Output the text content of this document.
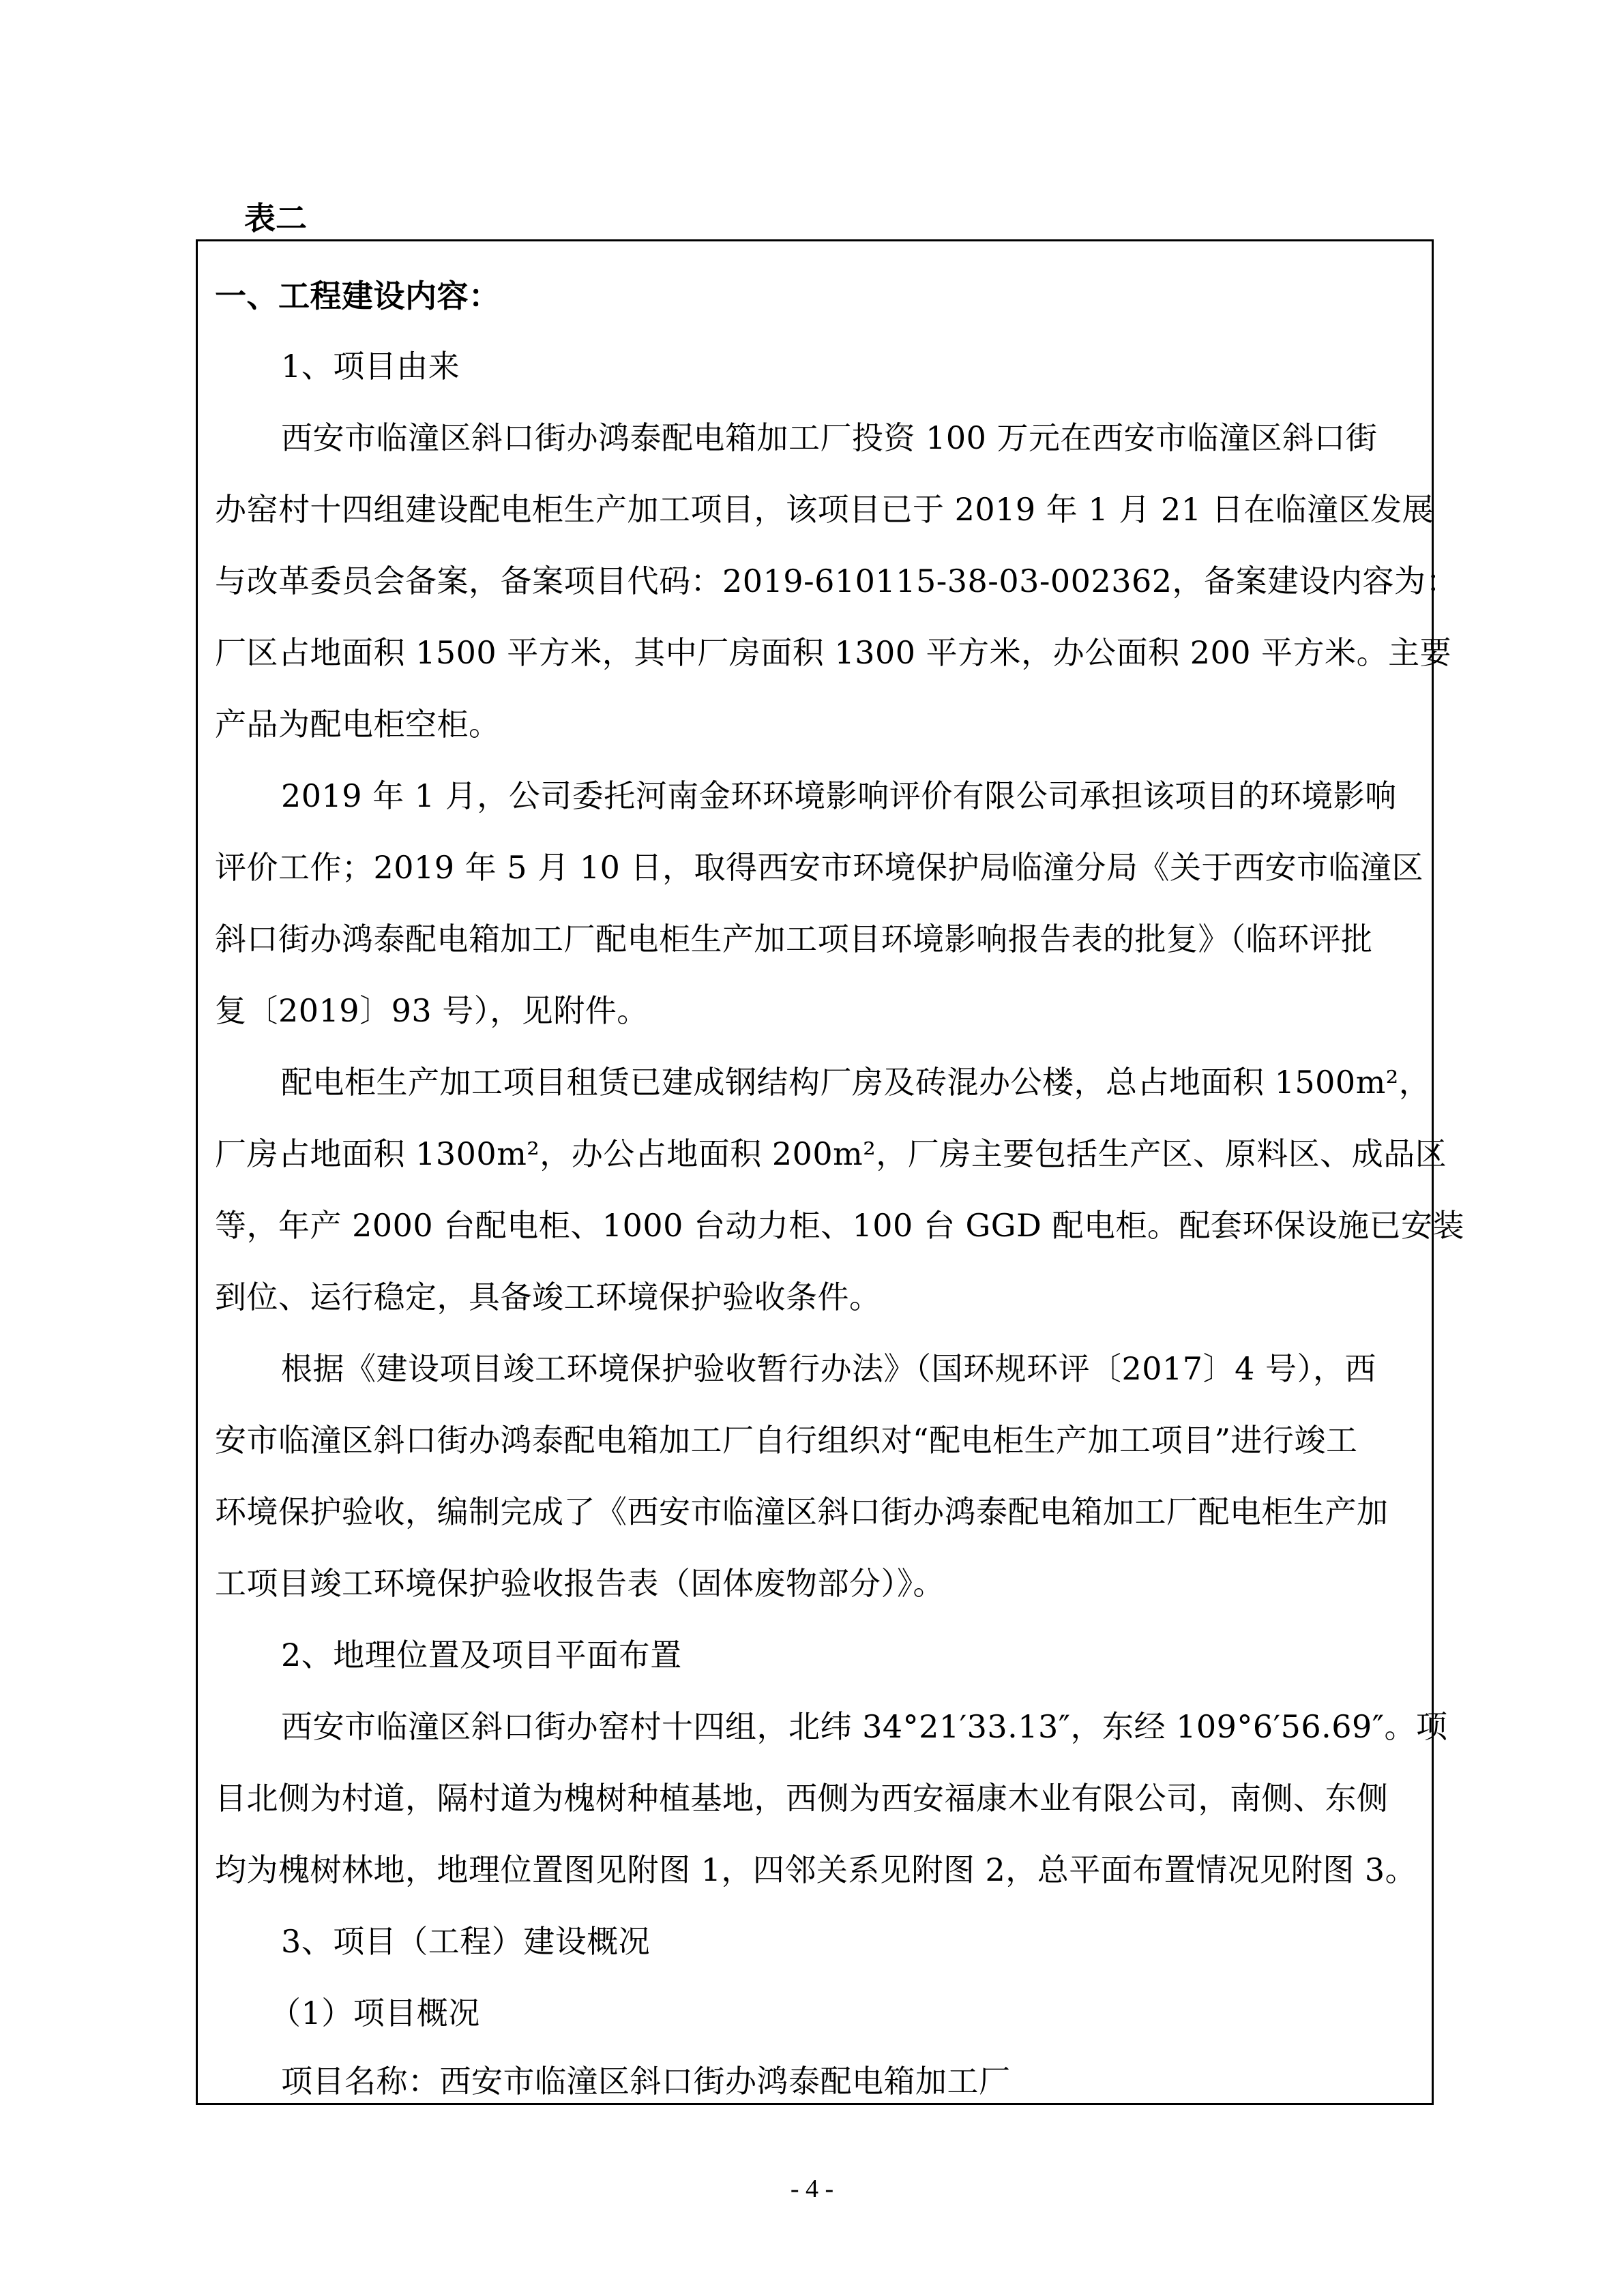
表二
一、工程建设内容：
1、项目由来
西安市临潼区斜口街办鸿泰配电箱加工厂投资 100 万元在西安市临潼区斜口街
办窑村十四组建设配电柜生产加工项目，该项目已于 2019 年 1 月 21 日在临潼区发展
与改革委员会备案，备案项目代码：2019-610115-38-03-002362，备案建设内容为：
厂区占地面积 1500 平方米，其中厂房面积 1300 平方米，办公面积 200 平方米。主要
产品为配电柜空柜。
2019 年 1 月，公司委托河南金环环境影响评价有限公司承担该项目的环境影响
评价工作；2019 年 5 月 10 日，取得西安市环境保护局临潼分局《关于西安市临潼区
斜口街办鸿泰配电箱加工厂配电柜生产加工项目环境影响报告表的批复》（临环评批
复〔2019〕93 号），见附件。
配电柜生产加工项目租赁已建成钢结构厂房及砖混办公楼，总占地面积 1500m²，
厂房占地面积 1300m²，办公占地面积 200m²，厂房主要包括生产区、原料区、成品区
等，年产 2000 台配电柜、1000 台动力柜、100 台 GGD 配电柜。配套环保设施已安装
到位、运行稳定，具备竣工环境保护验收条件。
根据《建设项目竣工环境保护验收暂行办法》（国环规环评〔2017〕4 号），西
安市临潼区斜口街办鸿泰配电箱加工厂自行组织对“配电柜生产加工项目”进行竣工
环境保护验收，编制完成了《西安市临潼区斜口街办鸿泰配电箱加工厂配电柜生产加
工项目竣工环境保护验收报告表（固体废物部分）》。
2、地理位置及项目平面布置
西安市临潼区斜口街办窑村十四组，北纬 34°21′33.13″，东经 109°6′56.69″。项
目北侧为村道，隔村道为槐树种植基地，西侧为西安福康木业有限公司，南侧、东侧
均为槐树林地，地理位置图见附图 1，四邻关系见附图 2，总平面布置情况见附图 3。
3、项目（工程）建设概况
（1）项目概况
项目名称：西安市临潼区斜口街办鸿泰配电箱加工厂
- 4 -
